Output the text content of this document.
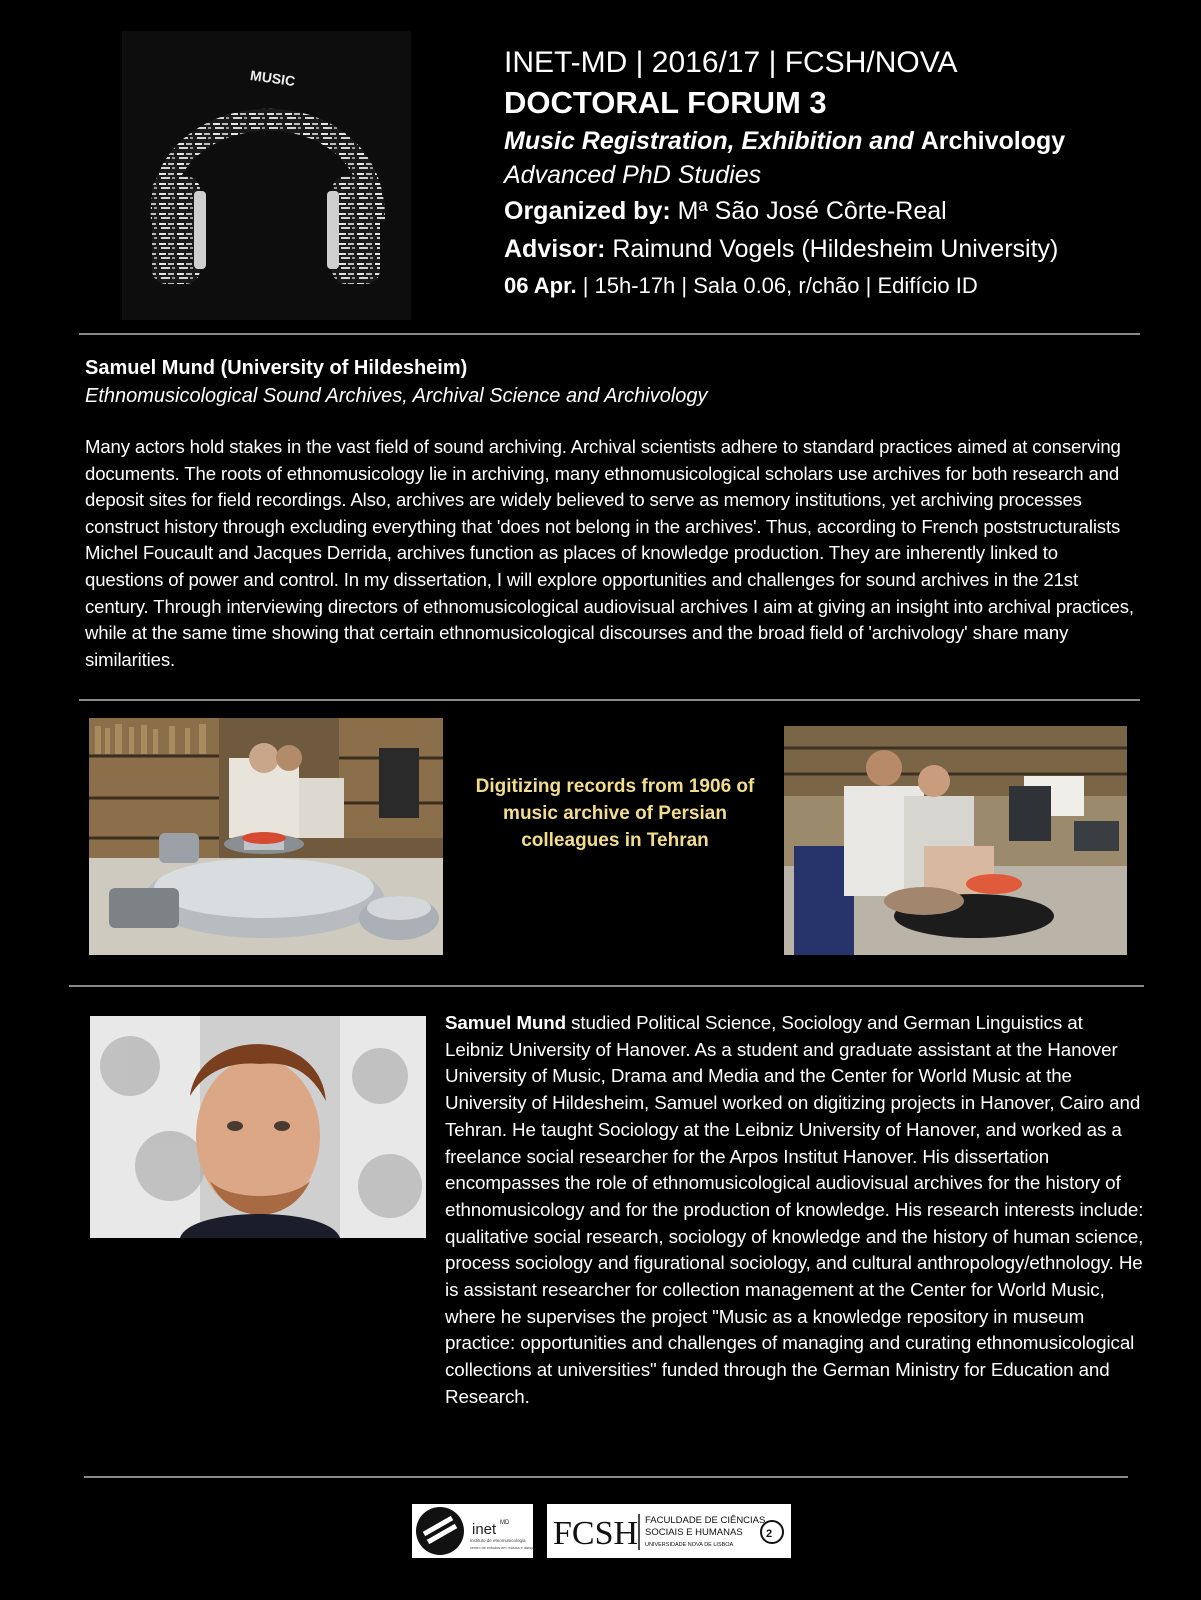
MUSIC	INET-MD | 2016/17 | FCSH/NOVA
DOCTORAL FORUM 3
Music Registration, Exhibition and Archivology
Advanced PhD Studies
Organized by: Mª São José Côrte-Real
Advisor: Raimund Vogels (Hildesheim University)
06 Apr. | 15h-17h | Sala 0.06, r/chão | Edifício ID
Samuel Mund (University of Hildesheim)
Ethnomusicological Sound Archives, Archival Science and Archivology
Many actors hold stakes in the vast field of sound archiving. Archival scientists adhere to standard practices aimed at conserving documents. The roots of ethnomusicology lie in archiving, many ethnomusicological scholars use archives for both research and deposit sites for field recordings. Also, archives are widely believed to serve as memory institutions, yet archiving processes construct history through excluding everything that 'does not belong in the archives'. Thus, according to French poststructuralists Michel Foucault and Jacques Derrida, archives function as places of knowledge production. They are inherently linked to questions of power and control. In my dissertation, I will explore opportunities and challenges for sound archives in the 21st century. Through interviewing directors of ethnomusicological audiovisual archives I aim at giving an insight into archival practices, while at the same time showing that certain ethnomusicological discourses and the broad field of 'archivology' share many similarities.
Digitizing records from 1906 of music archive of Persian colleagues in Tehran
Samuel Mund studied Political Science, Sociology and German Linguistics at Leibniz University of Hanover. As a student and graduate assistant at the Hanover University of Music, Drama and Media and the Center for World Music at the University of Hildesheim, Samuel worked on digitizing projects in Hanover, Cairo and Tehran. He taught Sociology at the Leibniz University of Hanover, and worked as a freelance social researcher for the Arpos Institut Hanover. His dissertation encompasses the role of ethnomusicological audiovisual archives for the history of ethnomusicology and for the production of knowledge. His research interests include: qualitative social research, sociology of knowledge and the history of human science, process sociology and figurational sociology, and cultural anthropology/ethnology. He is assistant researcher for collection management at the Center for World Music, where he supervises the project "Music as a knowledge repository in museum practice: opportunities and challenges of managing and curating ethnomusicological collections at universities" funded through the German Ministry for Education and Research.
inet MD
instituto de etnomusicologia
centro de estudos em música e dança FCSH FACULDADE DE CIÊNCIAS
SOCIAIS E HUMANAS
UNIVERSIDADE NOVA DE LISBOA
2
